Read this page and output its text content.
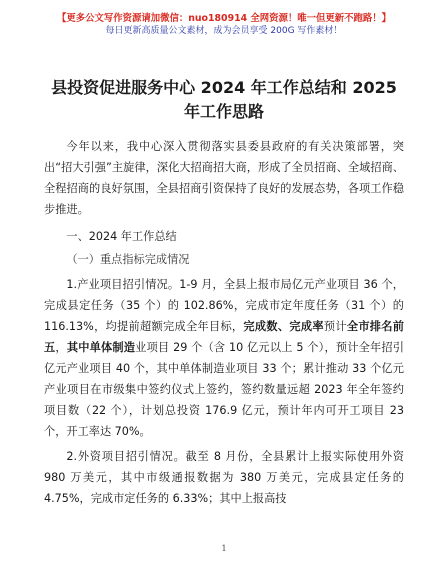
【更多公文写作资源请加微信：nuo180914 全网资源！唯一但更新不跑路！】
每日更新高质量公文素材，成为会员享受 200G 写作素材！
县投资促进服务中心 2024 年工作总结和 2025
年工作思路

今年以来，我中心深入贯彻落实县委县政府的有关决策部署，突出“招大引强”主旋律，深化大招商招大商，形成了全员招商、全域招商、全程招商的良好氛围，全县招商引资保持了良好的发展态势，各项工作稳步推进。

一、2024 年工作总结

（一）重点指标完成情况

1.产业项目招引情况。1-9 月，全县上报市局亿元产业项目 36 个，完成县定任务（35 个）的 102.86%，完成市定年度任务（31 个）的 116.13%，均提前超额完成全年目标，完成数、完成率预计全市排名前五，其中单体制造业项目 29 个（含 10 亿元以上 5 个），预计全年招引亿元产业项目 40 个，其中单体制造业项目 33 个；累计推动 33 个亿元产业项目在市级集中签约仪式上签约，签约数量远超 2023 年全年签约项目数（22 个），计划总投资 176.9 亿元，预计年内可开工项目 23 个，开工率达 70%。

2.外资项目招引情况。截至 8 月份，全县累计上报实际使用外资 980 万美元，其中市级通报数据为 380 万美元，完成县定任务的 4.75%，完成市定任务的 6.33%；其中上报高技

1
